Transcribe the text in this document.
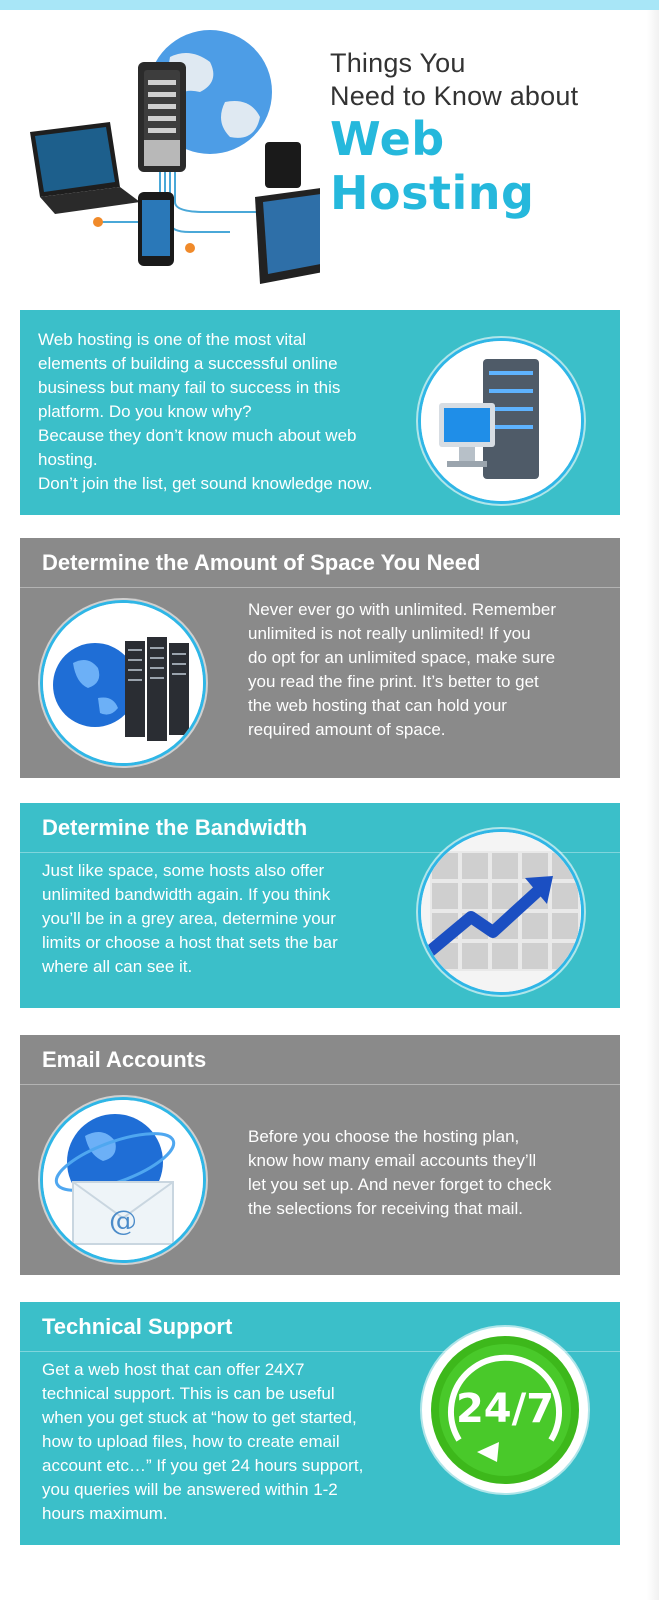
Things You
Need to Know about
Web Hosting
Web hosting is one of the most vital
elements of building a successful online
business but many fail to success in this
platform. Do you know why?
Because they don’t know much about web
hosting.
Don’t join the list, get sound knowledge now.
Determine the Amount of Space You Need
Never ever go with unlimited. Remember
unlimited is not really unlimited! If you
do opt for an unlimited space, make sure
you read the fine print. It’s better to get
the web hosting that can hold your
required amount of space.
Determine the Bandwidth
Just like space, some hosts also offer
unlimited bandwidth again. If you think
you’ll be in a grey area, determine your
limits or choose a host that sets the bar
where all can see it.
Email Accounts
@
Before you choose the hosting plan,
know how many email accounts they’ll
let you set up. And never forget to check
the selections for receiving that mail.
Technical Support
Get a web host that can offer 24X7
technical support. This is can be useful
when you get stuck at “how to get started,
how to upload files, how to create email
account etc…” If you get 24 hours support,
you queries will be answered within 1-2
hours maximum.
24/7
